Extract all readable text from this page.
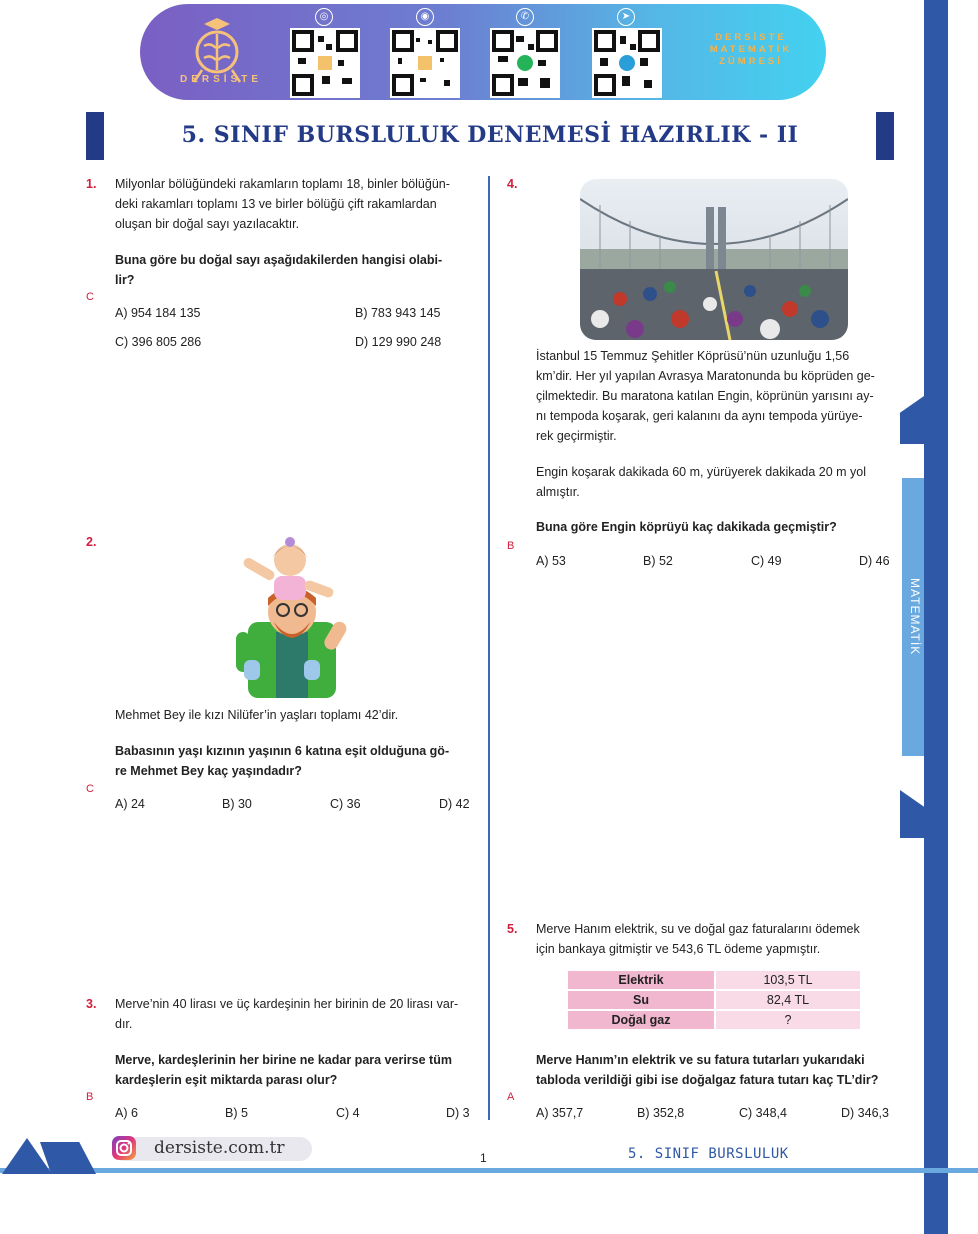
DERSİSTE
◎	◉	✆	➤
DERSİSTE
MATEMATİK
ZÜMRESİ
5. SINIF BURSLULUK DENEMESİ HAZIRLIK - II
MATEMATİK
1. Milyonlar bölüğündeki rakamların toplamı 18, binler bölüğün-
deki rakamları toplamı 13 ve birler bölüğü çift rakamlardan
oluşan bir doğal sayı yazılacaktır.
Buna göre bu doğal sayı aşağıdakilerden hangisi olabi-
lir?
C
A) 954 184 135	B) 783 943 145
C) 396 805 286	D) 129 990 248
2.
Mehmet Bey ile kızı Nilüfer’in yaşları toplamı 42’dir.
Babasının yaşı kızının yaşının 6 katına eşit olduğuna gö-
re Mehmet Bey kaç yaşındadır?
C
A) 24	B) 30	C) 36	D) 42
3. Merve’nin 40 lirası ve üç kardeşinin her birinin de 20 lirası var-
dır.
Merve, kardeşlerinin her birine ne kadar para verirse tüm
kardeşlerin eşit miktarda parası olur?
B
A) 6	B) 5	C) 4	D) 3
4.
İstanbul 15 Temmuz Şehitler Köprüsü’nün uzunluğu 1,56
km’dir. Her yıl yapılan Avrasya Maratonunda bu köprüden ge-
çilmektedir. Bu maratona katılan Engin, köprünün yarısını ay-
nı tempoda koşarak, geri kalanını da aynı tempoda yürüye-
rek geçirmiştir.
Engin koşarak dakikada 60 m, yürüyerek dakikada 20 m yol
almıştır.
Buna göre Engin köprüyü kaç dakikada geçmiştir?
B
A) 53	B) 52	C) 49	D) 46
5. Merve Hanım elektrik, su ve doğal gaz faturalarını ödemek
için bankaya gitmiştir ve 543,6 TL ödeme yapmıştır.
Elektrik	103,5 TL
Su	82,4 TL
Doğal gaz	?
Merve Hanım’ın elektrik ve su fatura tutarları yukarıdaki
tabloda verildiği gibi ise doğalgaz fatura tutarı kaç TL’dir?
A
A) 357,7	B) 352,8	C) 348,4	D) 346,3
dersiste.com.tr	1	5. SINIF BURSLULUK
